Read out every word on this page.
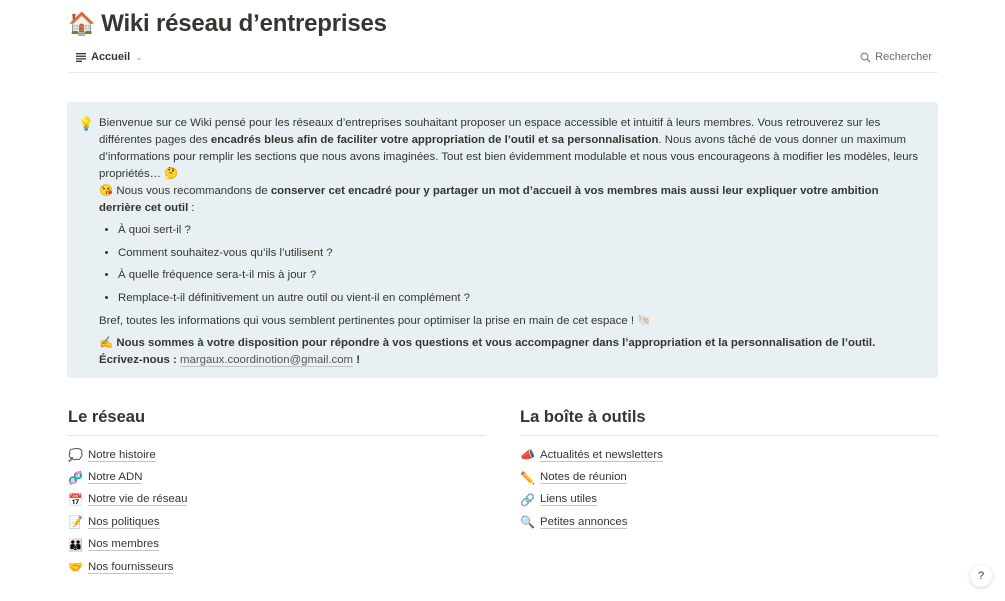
🏠 Wiki réseau d’entreprises
Accueil ⌄	Rechercher
💡 Bienvenue sur ce Wiki pensé pour les réseaux d’entreprises souhaitant proposer un espace accessible et intuitif à leurs membres. Vous retrouverez sur les différentes pages des encadrés bleus afin de faciliter votre appropriation de l’outil et sa personnalisation. Nous avons tâché de vous donner un maximum d’informations pour remplir les sections que nous avons imaginées. Tout est bien évidemment modulable et nous vous encourageons à modifier les modèles, leurs propriétés… 🤔

😘 Nous vous recommandons de conserver cet encadré pour y partager un mot d’accueil à vos membres mais aussi leur expliquer votre ambition derrière cet outil :

• À quoi sert-il ?
• Comment souhaitez-vous qu’ils l’utilisent ?
• À quelle fréquence sera-t-il mis à jour ?
• Remplace-t-il définitivement un autre outil ou vient-il en complément ?

Bref, toutes les informations qui vous semblent pertinentes pour optimiser la prise en main de cet espace ! 🐚

✍️ Nous sommes à votre disposition pour répondre à vos questions et vous accompagner dans l’appropriation et la personnalisation de l’outil. Écrivez-nous : margaux.coordinotion@gmail.com !

Le réseau
💭 Notre histoire
🧬 Notre ADN
📅 Notre vie de réseau
📝 Nos politiques
👪 Nos membres
🤝 Nos fournisseurs
La boîte à outils
📣 Actualités et newsletters
✏️ Notes de réunion
🔗 Liens utiles
🔍 Petites annonces
?
